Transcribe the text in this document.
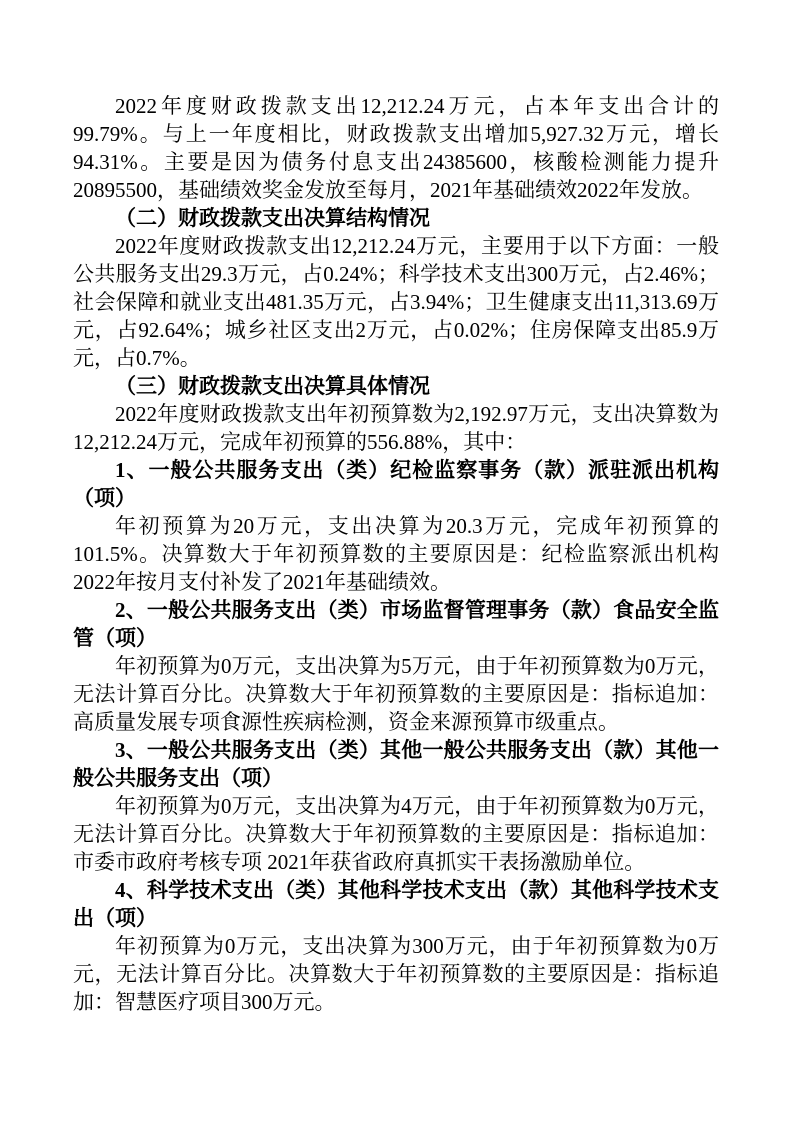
2022年度财政拨款支出12,212.24万元，占本年支出合计的99.79%。与上一年度相比，财政拨款支出增加5,927.32万元，增长94.31%。主要是因为债务付息支出24385600，核酸检测能力提升20895500，基础绩效奖金发放至每月，2021年基础绩效2022年发放。

（二）财政拨款支出决算结构情况

2022年度财政拨款支出12,212.24万元，主要用于以下方面：一般公共服务支出29.3万元，占0.24%；科学技术支出300万元，占2.46%；社会保障和就业支出481.35万元，占3.94%；卫生健康支出11,313.69万元，占92.64%；城乡社区支出2万元，占0.02%；住房保障支出85.9万元，占0.7%。

（三）财政拨款支出决算具体情况

2022年度财政拨款支出年初预算数为2,192.97万元，支出决算数为12,212.24万元，完成年初预算的556.88%，其中：

1、一般公共服务支出（类）纪检监察事务（款）派驻派出机构（项）

年初预算为20万元，支出决算为20.3万元，完成年初预算的101.5%。决算数大于年初预算数的主要原因是：纪检监察派出机构2022年按月支付补发了2021年基础绩效。

2、一般公共服务支出（类）市场监督管理事务（款）食品安全监管（项）

年初预算为0万元，支出决算为5万元，由于年初预算数为0万元，无法计算百分比。决算数大于年初预算数的主要原因是：指标追加：高质量发展专项食源性疾病检测，资金来源预算市级重点。

3、一般公共服务支出（类）其他一般公共服务支出（款）其他一般公共服务支出（项）

年初预算为0万元，支出决算为4万元，由于年初预算数为0万元，无法计算百分比。决算数大于年初预算数的主要原因是：指标追加：市委市政府考核专项 2021年获省政府真抓实干表扬激励单位。

4、科学技术支出（类）其他科学技术支出（款）其他科学技术支出（项）

年初预算为0万元，支出决算为300万元，由于年初预算数为0万元，无法计算百分比。决算数大于年初预算数的主要原因是：指标追加：智慧医疗项目300万元。
